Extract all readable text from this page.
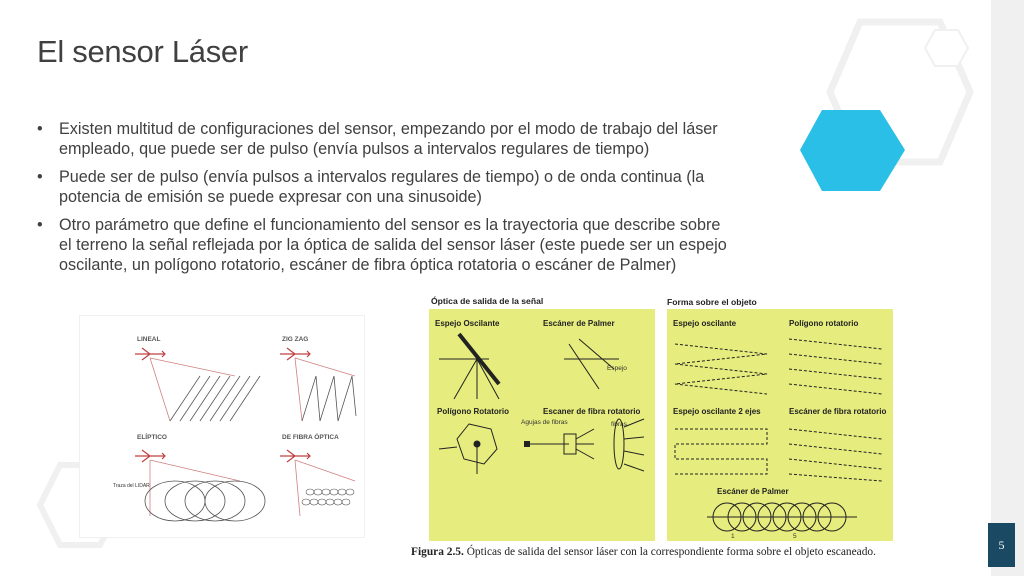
El sensor Láser
• Existen multitud de configuraciones del sensor, empezando por el modo de trabajo del láser empleado, que puede ser de pulso (envía pulsos a intervalos regulares de tiempo)
• Puede ser de pulso (envía pulsos a intervalos regulares de tiempo) o de onda continua (la potencia de emisión se puede expresar con una sinusoide)
• Otro parámetro que define el funcionamiento del sensor es la trayectoria que describe sobre el terreno la señal reflejada por la óptica de salida del sensor láser (este puede ser un espejo oscilante, un polígono rotatorio, escáner de fibra óptica rotatoria o escáner de Palmer)
LINEAL	ZIG ZAG
ELÍPTICO	DE FIBRA ÓPTICA
Traza del LIDAR
Óptica de salida de la señal	Forma sobre el objeto
Espejo Oscilante	Escáner de Palmer
Espejo
Polígono Rotatorio	Escaner de fibra rotatorio
Agujas de fibras	fibras
Espejo oscilante	Polígono rotatorio
Espejo oscilante 2 ejes	Escáner de fibra rotatorio
Escáner de Palmer
1	5
Figura 2.5. Ópticas de salida del sensor láser con la correspondiente forma sobre el objeto escaneado.	5
